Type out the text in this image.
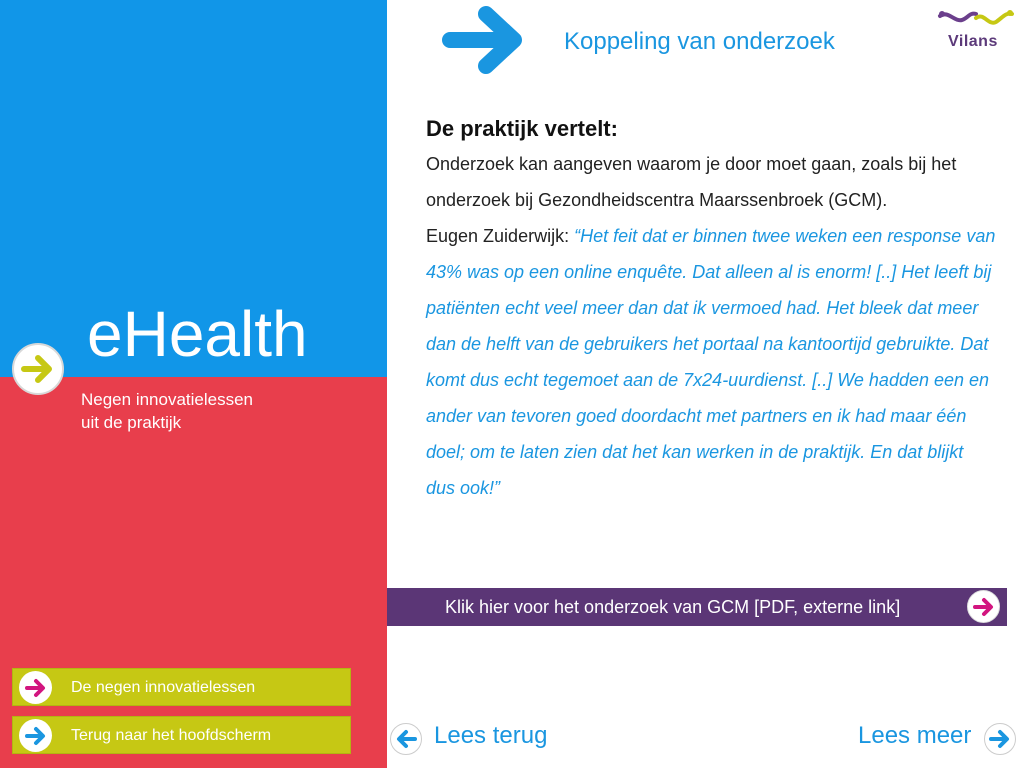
eHealth
Negen innovatielessen
uit de praktijk
De negen innovatielessen
Terug naar het hoofdscherm
Koppeling van onderzoek	Vilans
De praktijk vertelt:

Onderzoek kan aangeven waarom je door moet gaan, zoals bij het onderzoek bij Gezondheidscentra Maarssenbroek (GCM).

Eugen Zuiderwijk: “Het feit dat er binnen twee weken een response van 43% was op een online enquête. Dat alleen al is enorm! [..] Het leeft bij patiënten echt veel meer dan dat ik vermoed had. Het bleek dat meer dan de helft van de gebruikers het portaal na kantoortijd gebruikte. Dat komt dus echt tegemoet aan de 7x24-uurdienst. [..] We hadden een en ander van tevoren goed doordacht met partners en ik had maar één doel; om te laten zien dat het kan werken in de praktijk. En dat blijkt dus ook!”

Klik hier voor het onderzoek van GCM [PDF, externe link]
Lees terug	Lees meer
